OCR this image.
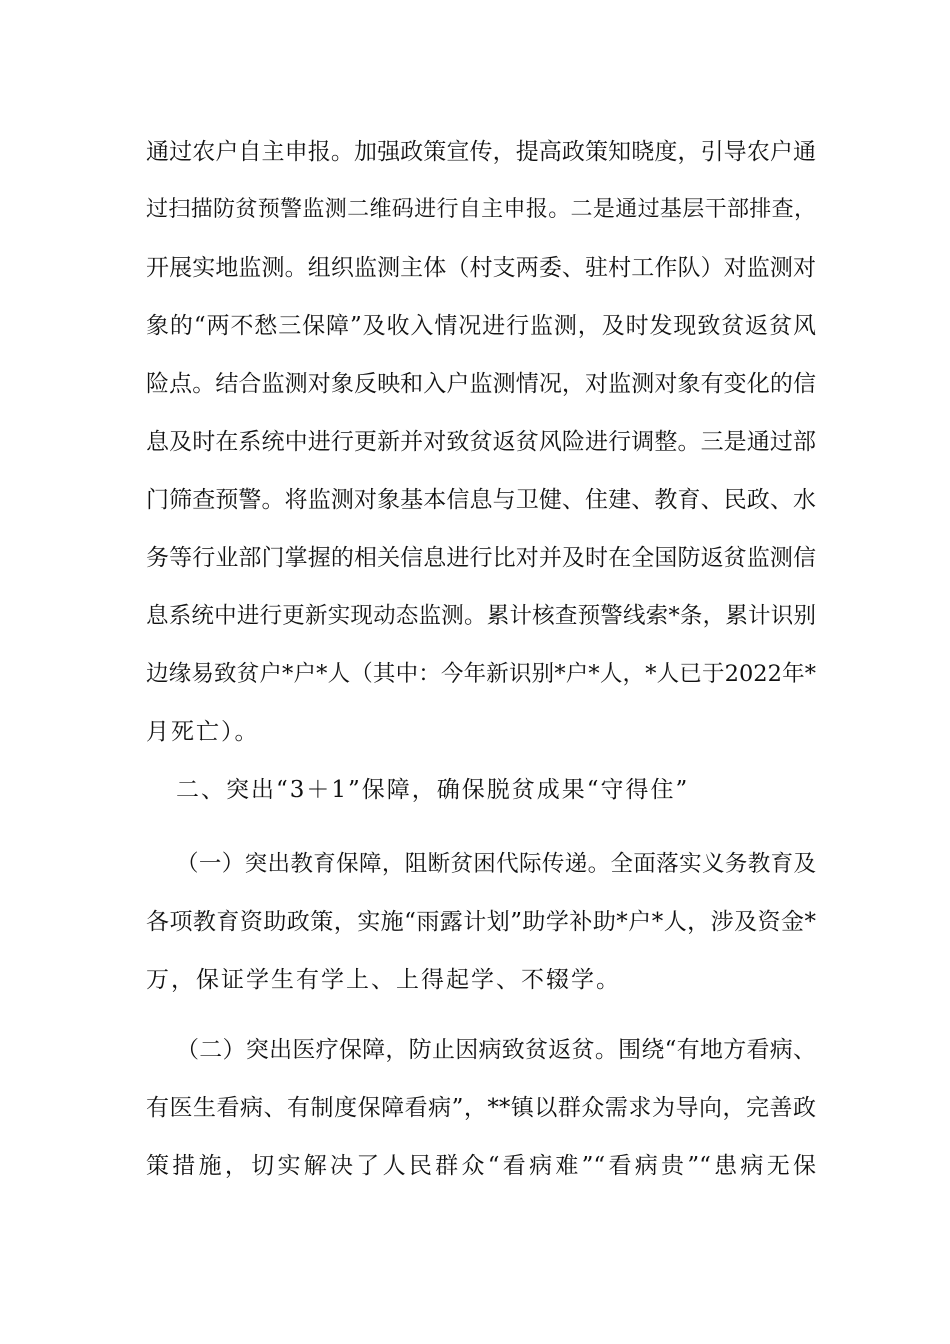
通过农户自主申报。加强政策宣传，提高政策知晓度，引导农户通
过扫描防贫预警监测二维码进行自主申报。二是通过基层干部排查，
开展实地监测。组织监测主体（村支两委、驻村工作队）对监测对
象的“两不愁三保障”及收入情况进行监测，及时发现致贫返贫风
险点。结合监测对象反映和入户监测情况，对监测对象有变化的信
息及时在系统中进行更新并对致贫返贫风险进行调整。三是通过部
门筛查预警。将监测对象基本信息与卫健、住建、教育、民政、水
务等行业部门掌握的相关信息进行比对并及时在全国防返贫监测信
息系统中进行更新实现动态监测。累计核查预警线索*条，累计识别
边缘易致贫户*户*人（其中：今年新识别*户*人，*人已于2022年*
月死亡）。
二、突出“3＋1”保障，确保脱贫成果“守得住”
（一）突出教育保障，阻断贫困代际传递。全面落实义务教育及
各项教育资助政策，实施“雨露计划”助学补助*户*人，涉及资金*
万，保证学生有学上、上得起学、不辍学。
（二）突出医疗保障，防止因病致贫返贫。围绕“有地方看病、
有医生看病、有制度保障看病”，**镇以群众需求为导向，完善政
策措施，切实解决了人民群众“看病难”“看病贵”“患病无保
